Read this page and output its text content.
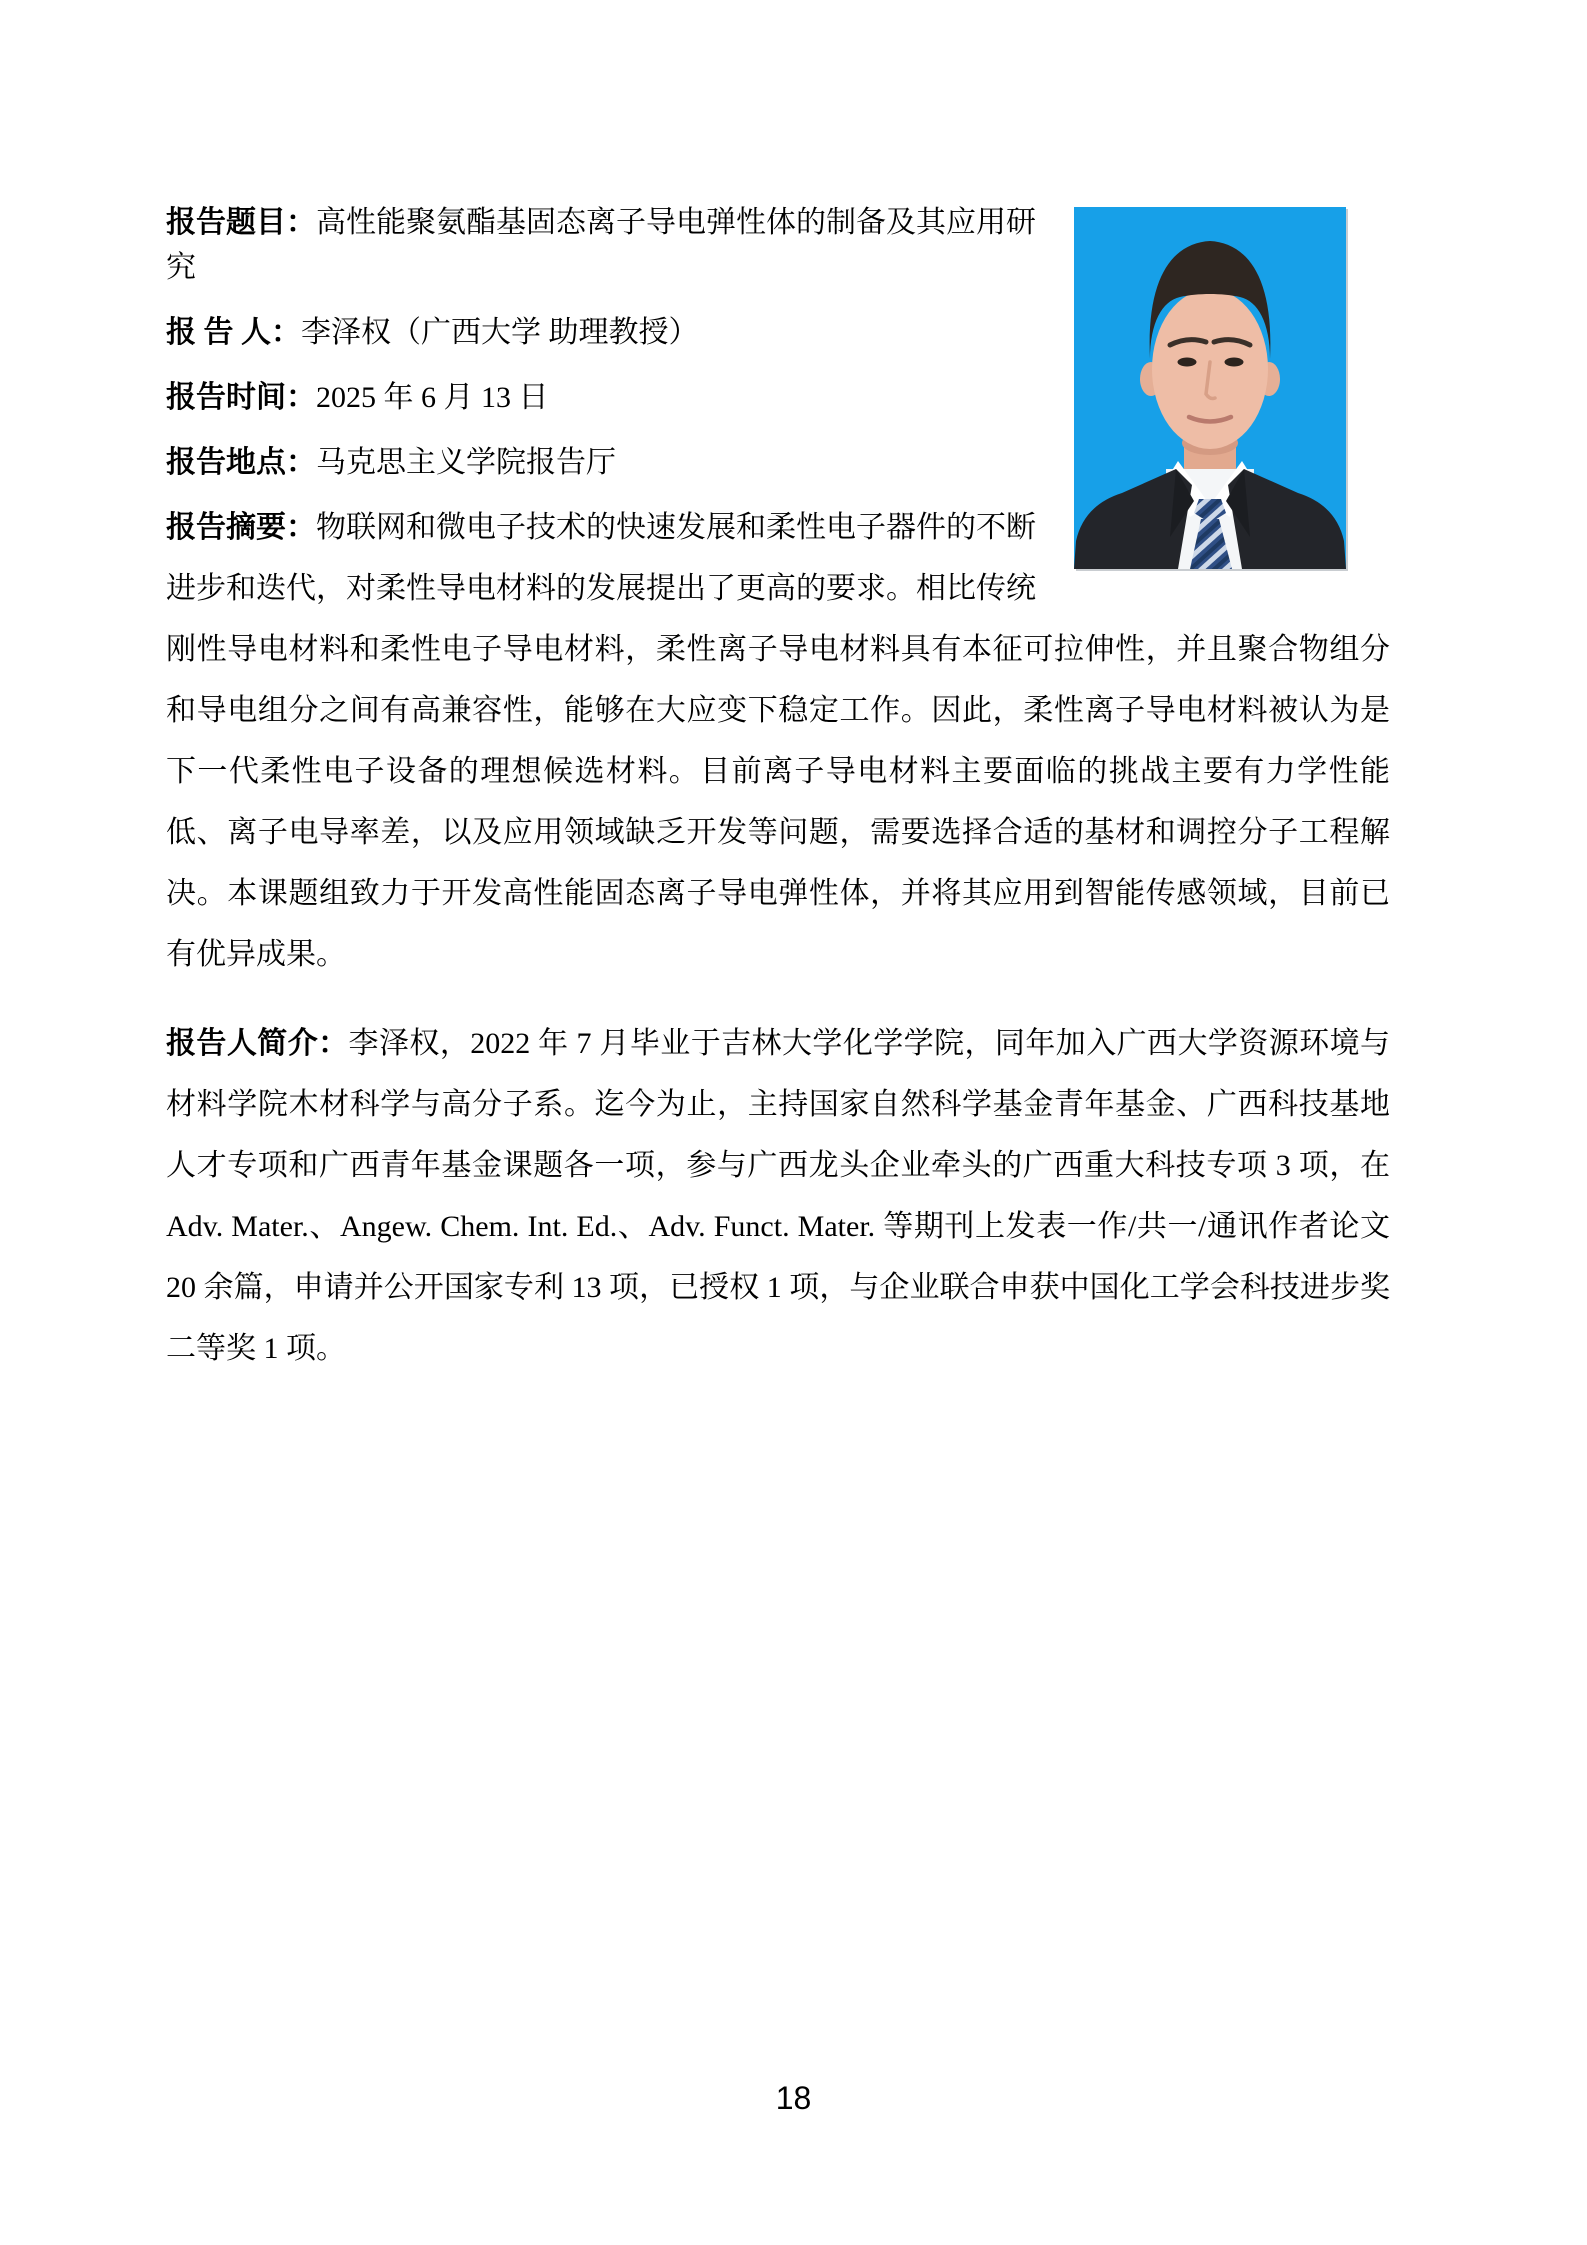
报告题目：高性能聚氨酯基固态离子导电弹性体的制备及其应用研究

报 告 人：李泽权（广西大学 助理教授）

报告时间：2025 年 6 月 13 日

报告地点：马克思主义学院报告厅

报告摘要：物联网和微电子技术的快速发展和柔性电子器件的不断进步和迭代，对柔性导电材料的发展提出了更高的要求。相比传统刚性导电材料和柔性电子导电材料，柔性离子导电材料具有本征可拉伸性，并且聚合物组分和导电组分之间有高兼容性，能够在大应变下稳定工作。因此，柔性离子导电材料被认为是下一代柔性电子设备的理想候选材料。目前离子导电材料主要面临的挑战主要有力学性能低、离子电导率差，以及应用领域缺乏开发等问题，需要选择合适的基材和调控分子工程解决。本课题组致力于开发高性能固态离子导电弹性体，并将其应用到智能传感领域，目前已有优异成果。

报告人简介：李泽权，2022 年 7 月毕业于吉林大学化学学院，同年加入广西大学资源环境与材料学院木材科学与高分子系。迄今为止，主持国家自然科学基金青年基金、广西科技基地人才专项和广西青年基金课题各一项，参与广西龙头企业牵头的广西重大科技专项 3 项，在 Adv. Mater.、Angew. Chem. Int. Ed.、Adv. Funct. Mater. 等期刊上发表一作/共一/通讯作者论文 20 余篇，申请并公开国家专利 13 项，已授权 1 项，与企业联合申获中国化工学会科技进步奖二等奖 1 项。

18
